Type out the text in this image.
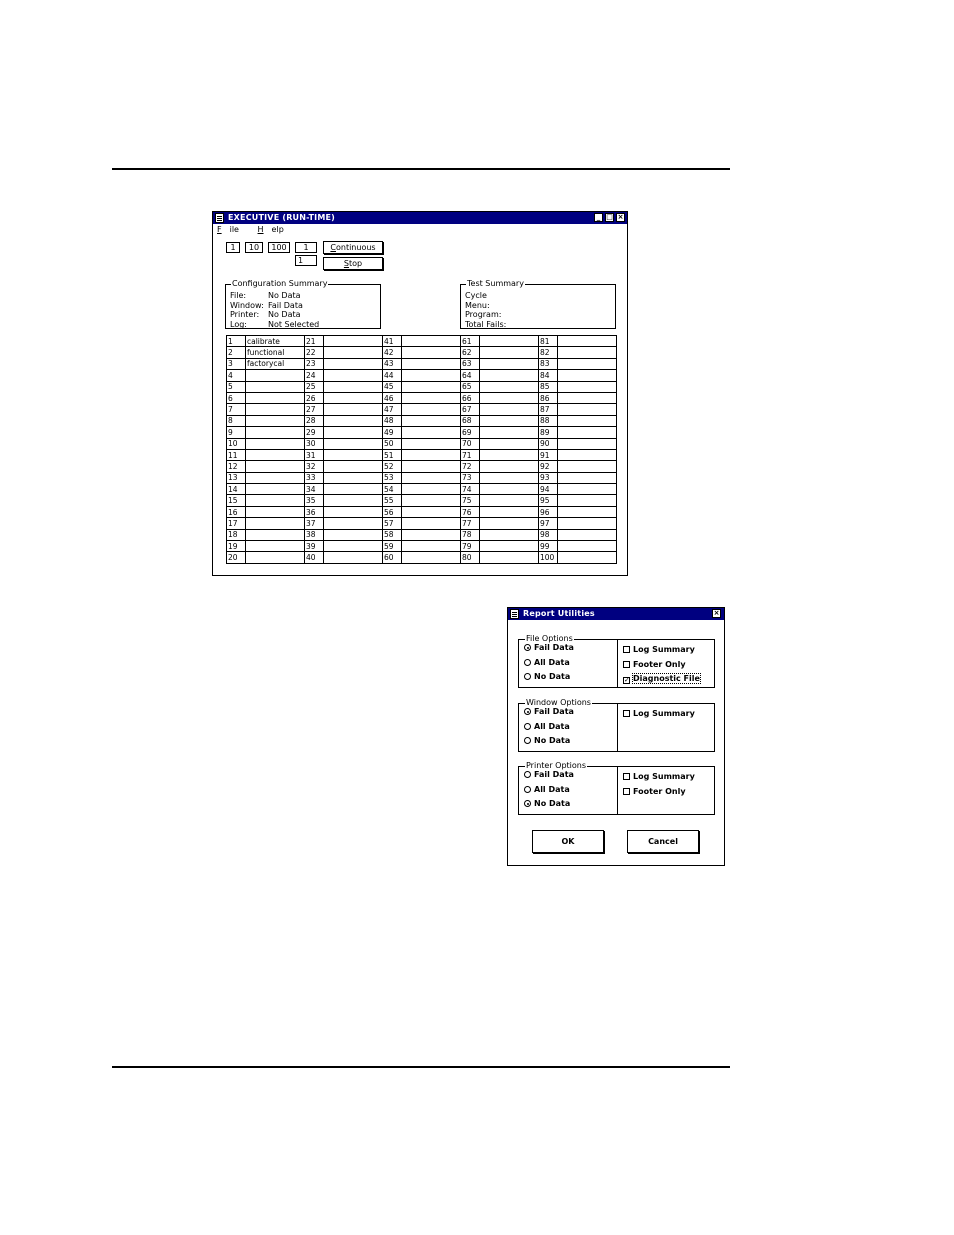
EXECUTIVE (RUN-TIME)	_ □ ×
F ile H elp
1	10	100	1
1
Continuous
Stop
Configuration Summary
File:	No Data
Window: Fail Data
Printer: No Data
Log:	Not Selected
Test Summary
Cycle
Menu:
Program:
Total Fails:
1	calibrate	21		41		61		81	
2	functional	22		42		62		82	
3	factorycal	23		43		63		83	
4		24		44		64		84	
5		25		45		65		85	
6		26		46		66		86	
7		27		47		67		87	
8		28		48		68		88	
9		29		49		69		89	
10		30		50		70		90	
11		31		51		71		91	
12		32		52		72		92	
13		33		53		73		93	
14		34		54		74		94	
15		35		55		75		95	
16		36		56		76		96	
17		37		57		77		97	
18		38		58		78		98	
19		39		59		79		99	
20		40		60		80		100	
Report Utilities	×
File Options
Fail Data
All Data
No Data
Log Summary
Footer Only
✓ Diagnostic File
Window Options
Fail Data
All Data
No Data
Log Summary
Printer Options
Fail Data
All Data
No Data
Log Summary
Footer Only
OK	Cancel
